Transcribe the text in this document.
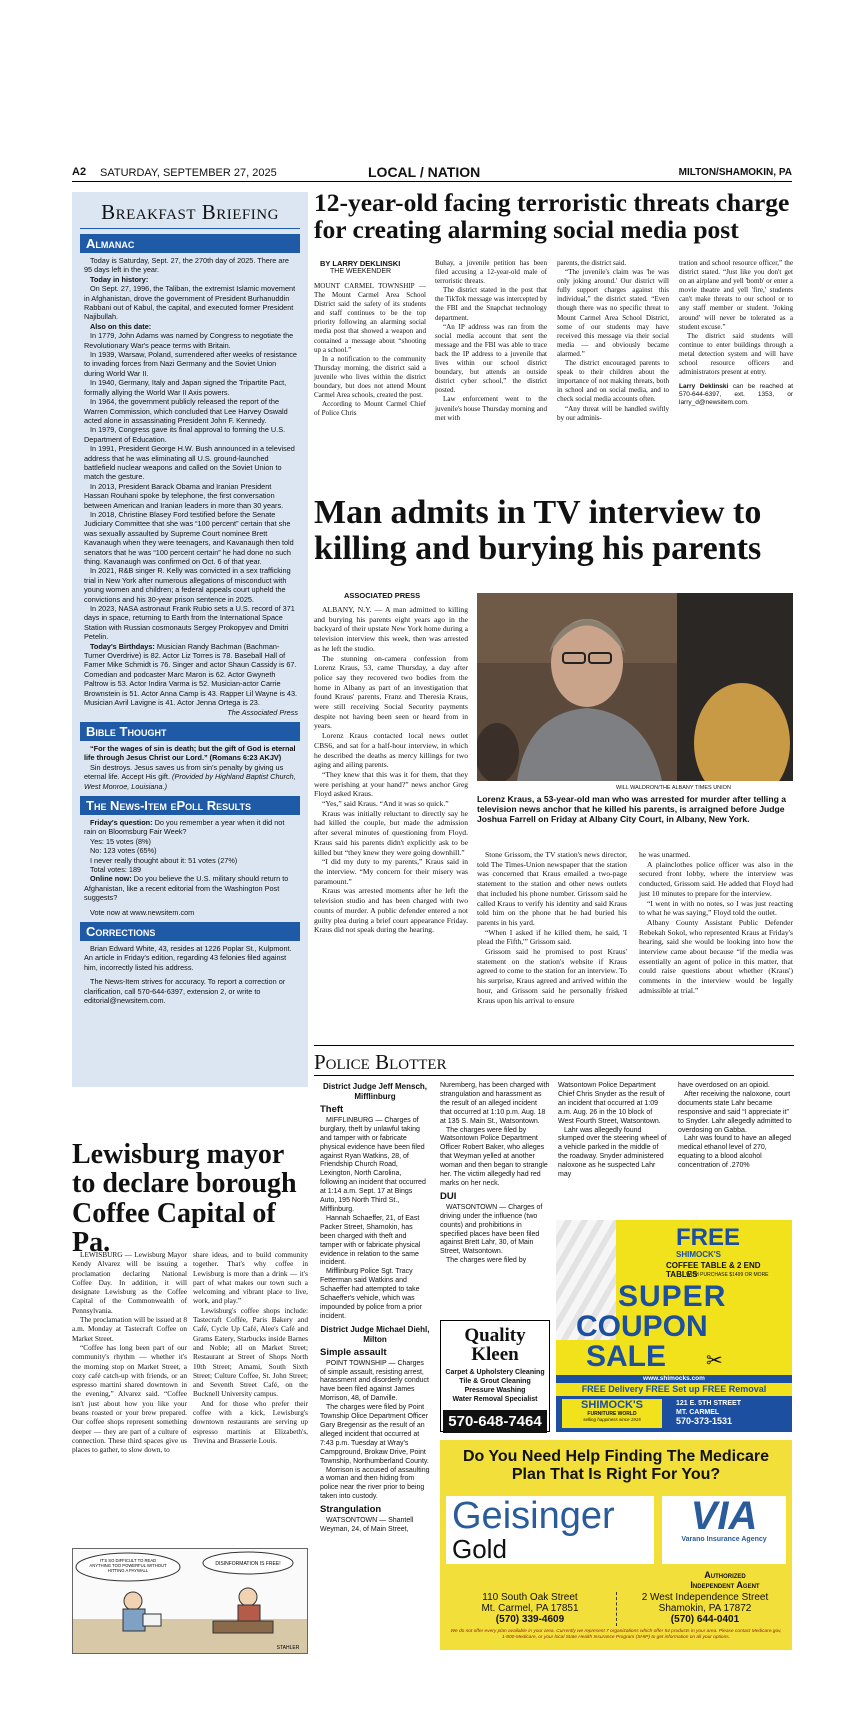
A2 SATURDAY, SEPTEMBER 27, 2025	LOCAL / NATION	MILTON/SHAMOKIN, PA
Breakfast Briefing
Almanac

Today is Saturday, Sept. 27, the 270th day of 2025. There are 95 days left in the year.

Today in history:

On Sept. 27, 1996, the Taliban, the extremist Islamic movement in Afghanistan, drove the government of President Burhanuddin Rabbani out of Kabul, the capital, and executed former President Najibullah.

Also on this date:

In 1779, John Adams was named by Congress to negotiate the Revolutionary War's peace terms with Britain.

In 1939, Warsaw, Poland, surrendered after weeks of resistance to invading forces from Nazi Germany and the Soviet Union during World War II.

In 1940, Germany, Italy and Japan signed the Tripartite Pact, formally allying the World War II Axis powers.

In 1964, the government publicly released the report of the Warren Commission, which concluded that Lee Harvey Oswald acted alone in assassinating President John F. Kennedy.

In 1979, Congress gave its final approval to forming the U.S. Department of Education.

In 1991, President George H.W. Bush announced in a televised address that he was eliminating all U.S. ground-launched battlefield nuclear weapons and called on the Soviet Union to match the gesture.

In 2013, President Barack Obama and Iranian President Hassan Rouhani spoke by telephone, the first conversation between American and Iranian leaders in more than 30 years.

In 2018, Christine Blasey Ford testified before the Senate Judiciary Committee that she was “100 percent” certain that she was sexually assaulted by Supreme Court nominee Brett Kavanaugh when they were teenagers, and Kavanaugh then told senators that he was “100 percent certain” he had done no such thing. Kavanaugh was confirmed on Oct. 6 of that year.

In 2021, R&B singer R. Kelly was convicted in a sex trafficking trial in New York after numerous allegations of misconduct with young women and children; a federal appeals court upheld the convictions and his 30-year prison sentence in 2025.

In 2023, NASA astronaut Frank Rubio sets a U.S. record of 371 days in space, returning to Earth from the International Space Station with Russian cosmonauts Sergey Prokopyev and Dmitri Petelin.

Today's Birthdays: Musician Randy Bachman (Bachman-Turner Overdrive) is 82. Actor Liz Torres is 78. Baseball Hall of Famer Mike Schmidt is 76. Singer and actor Shaun Cassidy is 67. Comedian and podcaster Marc Maron is 62. Actor Gwyneth Paltrow is 53. Actor Indira Varma is 52. Musician-actor Carrie Brownstein is 51. Actor Anna Camp is 43. Rapper Lil Wayne is 43. Musician Avril Lavigne is 41. Actor Jenna Ortega is 23.

The Associated Press

Bible Thought

“For the wages of sin is death; but the gift of God is eternal life through Jesus Christ our Lord.” (Romans 6:23 AKJV)

Sin destroys. Jesus saves us from sin's penalty by giving us eternal life. Accept His gift. (Provided by Highland Baptist Church, West Monroe, Louisiana.)

The News-Item ePoll Results

Friday's question: Do you remember a year when it did not rain on Bloomsburg Fair Week?

Yes: 15 votes (8%)

No: 123 votes (65%)

I never really thought about it: 51 votes (27%)

Total votes: 189

Online now: Do you believe the U.S. military should return to Afghanistan, like a recent editorial from the Washington Post suggests?

Vote now at www.newsitem.com

Corrections

Brian Edward White, 43, resides at 1226 Poplar St., Kulpmont. An article in Friday's edition, regarding 43 felonies filed against him, incorrectly listed his address.

The News-Item strives for accuracy. To report a correction or clarification, call 570-644-6397, extension 2, or write to editorial@newsitem.com.

12-year-old facing terroristic threats charge for creating alarming social media post
BY LARRY DEKLINSKI
THE WEEKENDER

MOUNT CARMEL TOWNSHIP — The Mount Carmel Area School District said the safety of its students and staff continues to be the top priority following an alarming social media post that showed a weapon and contained a message about “shooting up a school.”

In a notification to the community Thursday morning, the district said a juvenile who lives within the district boundary, but does not attend Mount Carmel Area schools, created the post.

According to Mount Carmel Chief of Police Chris

Buhay, a juvenile petition has been filed accusing a 12-year-old male of terroristic threats.

The district stated in the post that the TikTok message was intercepted by the FBI and the Snapchat technology department.

“An IP address was ran from the social media account that sent the message and the FBI was able to trace back the IP address to a juvenile that lives within our school district boundary, but attends an outside district cyber school,” the district posted.

Law enforcement went to the juvenile's house Thursday morning and met with

parents, the district said.

“The juvenile's claim was 'he was only joking around.' Our district will fully support charges against this individual,” the district stated. “Even though there was no specific threat to Mount Carmel Area School District, some of our students may have received this message via their social media — and obviously became alarmed.”

The district encouraged parents to speak to their children about the importance of not making threats, both in school and on social media, and to check social media accounts often.

“Any threat will be handled swiftly by our adminis-

tration and school resource officer,” the district stated. “Just like you don't get on an airplane and yell 'bomb' or enter a movie theatre and yell 'fire,' students can't make threats to our school or to any staff member or student. 'Joking around' will never be tolerated as a student excuse.”

The district said students will continue to enter buildings through a metal detection system and will have school resource officers and administrators present at entry.

Larry Deklinski can be reached at 570-644-6397, ext. 1353, or larry_d@newsitem.com.

Man admits in TV interview to killing and burying his parents
ASSOCIATED PRESS

ALBANY, N.Y. — A man admitted to killing and burying his parents eight years ago in the backyard of their upstate New York home during a television interview this week, then was arrested as he left the studio.

The stunning on-camera confession from Lorenz Kraus, 53, came Thursday, a day after police say they recovered two bodies from the home in Albany as part of an investigation that found Kraus' parents, Franz and Theresia Kraus, were still receiving Social Security payments despite not having been seen or heard from in years.

Lorenz Kraus contacted local news outlet CBS6, and sat for a half-hour interview, in which he described the deaths as mercy killings for two aging and ailing parents.

“They knew that this was it for them, that they were perishing at your hand?” news anchor Greg Floyd asked Kraus.

“Yes,” said Kraus. “And it was so quick.”

Kraus was initially reluctant to directly say he had killed the couple, but made the admission after several minutes of questioning from Floyd. Kraus said his parents didn't explicitly ask to be killed but “they knew they were going downhill.”

“I did my duty to my parents,” Kraus said in the interview. “My concern for their misery was paramount.”

Kraus was arrested moments after he left the television studio and has been charged with two counts of murder. A public defender entered a not guilty plea during a brief court appearance Friday. Kraus did not speak during the hearing.

WILL WALDRON/THE ALBANY TIMES UNION
Lorenz Kraus, a 53-year-old man who was arrested for murder after telling a television news anchor that he killed his parents, is arraigned before Judge Joshua Farrell on Friday at Albany City Court, in Albany, New York.

Stone Grissom, the TV station's news director, told The Times-Union newspaper that the station was concerned that Kraus emailed a two-page statement to the station and other news outlets that included his phone number. Grissom said he called Kraus to verify his identity and said Kraus told him on the phone that he had buried his parents in his yard.

“When I asked if he killed them, he said, 'I plead the Fifth,'” Grissom said.

Grissom said he promised to post Kraus' statement on the station's website if Kraus agreed to come to the station for an interview. To his surprise, Kraus agreed and arrived within the hour, and Grissom said he personally frisked Kraus upon his arrival to ensure

he was unarmed.

A plainclothes police officer was also in the secured front lobby, where the interview was conducted, Grissom said. He added that Floyd had just 10 minutes to prepare for the interview.

“I went in with no notes, so I was just reacting to what he was saying,” Floyd told the outlet.

Albany County Assistant Public Defender Rebekah Sokol, who represented Kraus at Friday's hearing, said she would be looking into how the interview came about because “if the media was essentially an agent of police in this matter, that could raise questions about whether (Kraus') comments in the interview would be legally admissible at trial.”

Police Blotter
District Judge Jeff Mensch, Mifflinburg
Theft

MIFFLINBURG — Charges of burglary, theft by unlawful taking and tamper with or fabricate physical evidence have been filed against Ryan Watkins, 28, of Friendship Church Road, Lexington, North Carolina, following an incident that occurred at 1:14 a.m. Sept. 17 at Bings Auto, 195 North Third St., Mifflinburg.

Hannah Schaeffer, 21, of East Packer Street, Shamokin, has been charged with theft and tamper with or fabricate physical evidence in relation to the same incident.

Mifflinburg Police Sgt. Tracy Fetterman said Watkins and Schaeffer had attempted to take Schaeffer's vehicle, which was impounded by police from a prior incident.

District Judge Michael Diehl, Milton
Simple assault

POINT TOWNSHIP — Charges of simple assault, resisting arrest, harassment and disorderly conduct have been filed against James Morrison, 48, of Danville.

The charges were filed by Point Township Olice Department Officer Gary Bregensir as the result of an alleged incident that occurred at 7:43 p.m. Tuesday at Wray's Campground, Brokaw Drive, Point Township, Northumberland County.

Morrison is accused of assaulting a woman and then hiding from police near the river prior to being taken into custody.

Strangulation

WATSONTOWN — Shantell Weyman, 24, of Main Street,

Nuremberg, has been charged with strangulation and harassment as the result of an alleged incident that occurred at 1:10 p.m. Aug. 18 at 135 S. Main St., Watsontown.

The charges were filed by Watsontown Police Department Officer Robert Baker, who alleges that Weyman yelled at another woman and then began to strangle her. The victim allegedly had red marks on her neck.

DUI

WATSONTOWN — Charges of driving under the influence (two counts) and prohibitions in specified places have been filed against Brett Lahr, 30, of Main Street, Watsontown.

The charges were filed by

Watsontown Police Department Chief Chris Snyder as the result of an incident that occurred at 1:09 a.m. Aug. 26 in the 10 block of West Fourth Street, Watsontown.

Lahr was allegedly found slumped over the steering wheel of a vehicle parked in the middle of the roadway. Snyder administered naloxone as he suspected Lahr may

have overdosed on an opioid.

After receiving the naloxone, court documents state Lahr became responsive and said “I appreciate it” to Snyder. Lahr allegedly admitted to overdosing on Gabba.

Lahr was found to have an alleged medical ethanol level of 270, equating to a blood alcohol concentration of .270%

Lewisburg mayor to declare borough Coffee Capital of Pa.

LEWISBURG — Lewisburg Mayor Kendy Alvarez will be issuing a proclamation declaring National Coffee Day. In addition, it will designate Lewisburg as the Coffee Capital of the Commonwealth of Pennsylvania.

The proclamation will be issued at 8 a.m. Monday at Tastecraft Coffee on Market Street.

“Coffee has long been part of our community's rhythm — whether it's the morning stop on Market Street, a cozy café catch-up with friends, or an espresso martini shared downtown in the evening,” Alvarez said. “Coffee isn't just about how you like your beans roasted or your brew prepared. Our coffee shops represent something deeper — they are part of a culture of connection. These third spaces give us places to gather, to slow down, to

share ideas, and to build community together. That's why coffee in Lewisburg is more than a drink — it's part of what makes our town such a welcoming and vibrant place to live, work, and play.”

Lewisburg's coffee shops include: Tastecraft Coffée, Paris Bakery and Café, Cycle Up Café, Alee's Café and Grams Eatery, Starbucks inside Barnes and Noble; all on Market Street; Restaurant at Street of Shops North 10th Street; Amami, South Sixth Street; Culture Coffee, St. John Street; and Seventh Street Café, on the Bucknell University campus.

And for those who prefer their coffee with a kick, Lewisburg's downtown restaurants are serving up espresso martinis at Elizabeth's, Trevina and Brasserie Louis.

IT'S SO DIFFICULT TO READ ANYTHING TOO POWERFUL WITHOUT HITTING A PAYWALL
DISINFORMATION IS FREE!
STAHLER
Quality Kleen
Carpet & Upholstery Cleaning
Tile & Grout Cleaning
Pressure Washing
Water Removal Specialist
570-648-7464
FREE
SHIMOCK'S
COFFEE TABLE & 2 END TABLES
WITH PURCHASE $1499 OR MORE
SUPER
COUPON
SALE ✂
www.shimocks.com
FREE Delivery FREE Set up FREE Removal
SHIMOCK'S
FURNITURE WORLD
selling happiness since 1915
121 E. 5TH STREET
MT. CARMEL
570-373-1531
Do You Need Help Finding The Medicare Plan That Is Right For You?
Geisinger
Gold
VIA
Varano Insurance Agency
Authorized
Independent Agent
110 South Oak Street
Mt. Carmel, PA 17851
(570) 339-4609
2 West Independence Street
Shamokin, PA 17872
(570) 644-0401
We do not offer every plan available in your area. Currently we represent 7 organizations which offer 54 products in your area. Please contact Medicare.gov, 1-800-Medicare, or your local State Health Insurance Program (SHIP) to get information on all your options.
